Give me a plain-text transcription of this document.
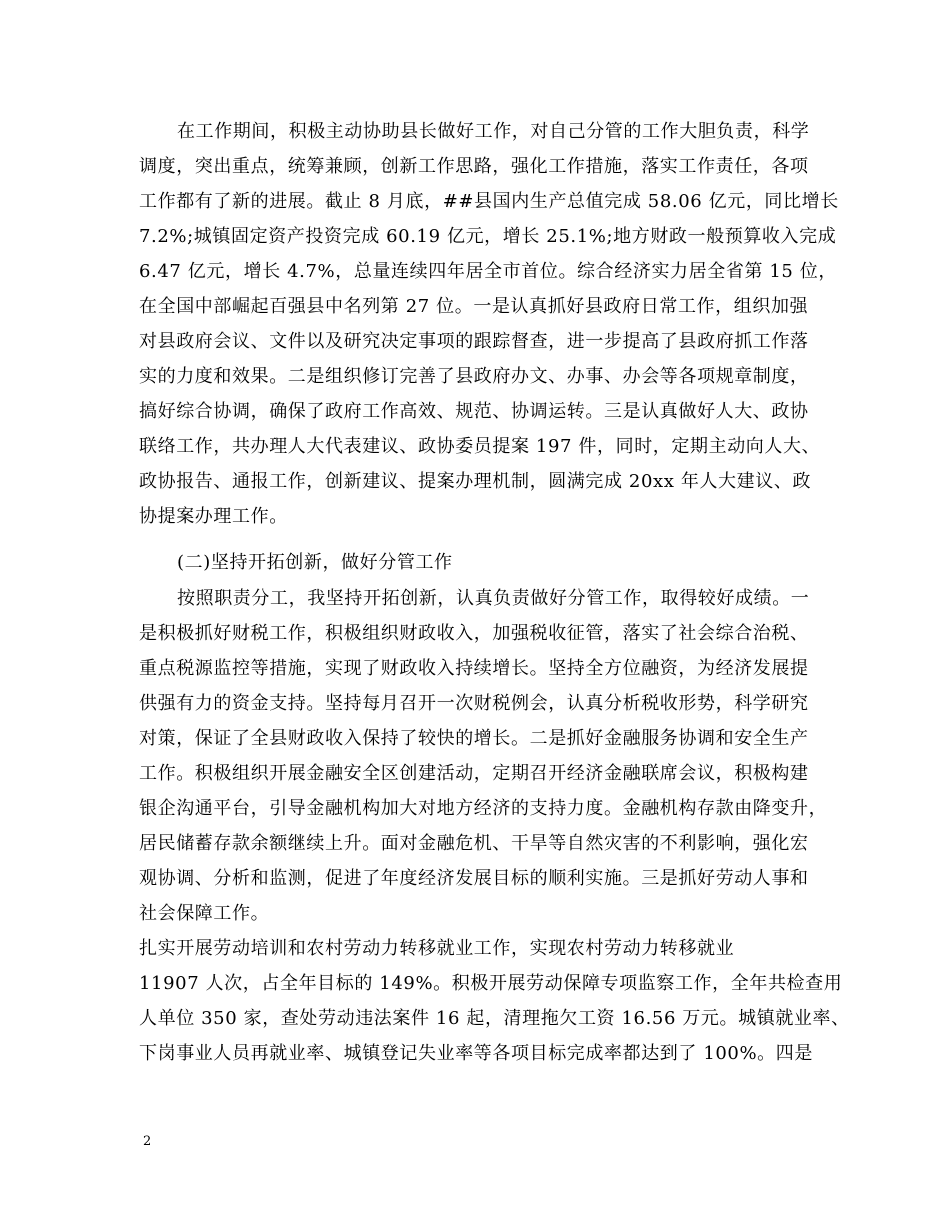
在工作期间，积极主动协助县长做好工作，对自己分管的工作大胆负责，科学
调度，突出重点，统筹兼顾，创新工作思路，强化工作措施，落实工作责任，各项
工作都有了新的进展。截止 8 月底，##县国内生产总值完成 58.06 亿元，同比增长
7.2%;城镇固定资产投资完成 60.19 亿元，增长 25.1%;地方财政一般预算收入完成
6.47 亿元，增长 4.7%，总量连续四年居全市首位。综合经济实力居全省第 15 位，
在全国中部崛起百强县中名列第 27 位。一是认真抓好县政府日常工作，组织加强
对县政府会议、文件以及研究决定事项的跟踪督查，进一步提高了县政府抓工作落
实的力度和效果。二是组织修订完善了县政府办文、办事、办会等各项规章制度，
搞好综合协调，确保了政府工作高效、规范、协调运转。三是认真做好人大、政协
联络工作，共办理人大代表建议、政协委员提案 197 件，同时，定期主动向人大、
政协报告、通报工作，创新建议、提案办理机制，圆满完成 20xx 年人大建议、政
协提案办理工作。
(二)坚持开拓创新，做好分管工作
按照职责分工，我坚持开拓创新，认真负责做好分管工作，取得较好成绩。一
是积极抓好财税工作，积极组织财政收入，加强税收征管，落实了社会综合治税、
重点税源监控等措施，实现了财政收入持续增长。坚持全方位融资，为经济发展提
供强有力的资金支持。坚持每月召开一次财税例会，认真分析税收形势，科学研究
对策，保证了全县财政收入保持了较快的增长。二是抓好金融服务协调和安全生产
工作。积极组织开展金融安全区创建活动，定期召开经济金融联席会议，积极构建
银企沟通平台，引导金融机构加大对地方经济的支持力度。金融机构存款由降变升，
居民储蓄存款余额继续上升。面对金融危机、干旱等自然灾害的不利影响，强化宏
观协调、分析和监测，促进了年度经济发展目标的顺利实施。三是抓好劳动人事和
社会保障工作。
扎实开展劳动培训和农村劳动力转移就业工作，实现农村劳动力转移就业
11907 人次，占全年目标的 149%。积极开展劳动保障专项监察工作，全年共检查用
人单位 350 家，查处劳动违法案件 16 起，清理拖欠工资 16.56 万元。城镇就业率、
下岗事业人员再就业率、城镇登记失业率等各项目标完成率都达到了 100%。四是
2
